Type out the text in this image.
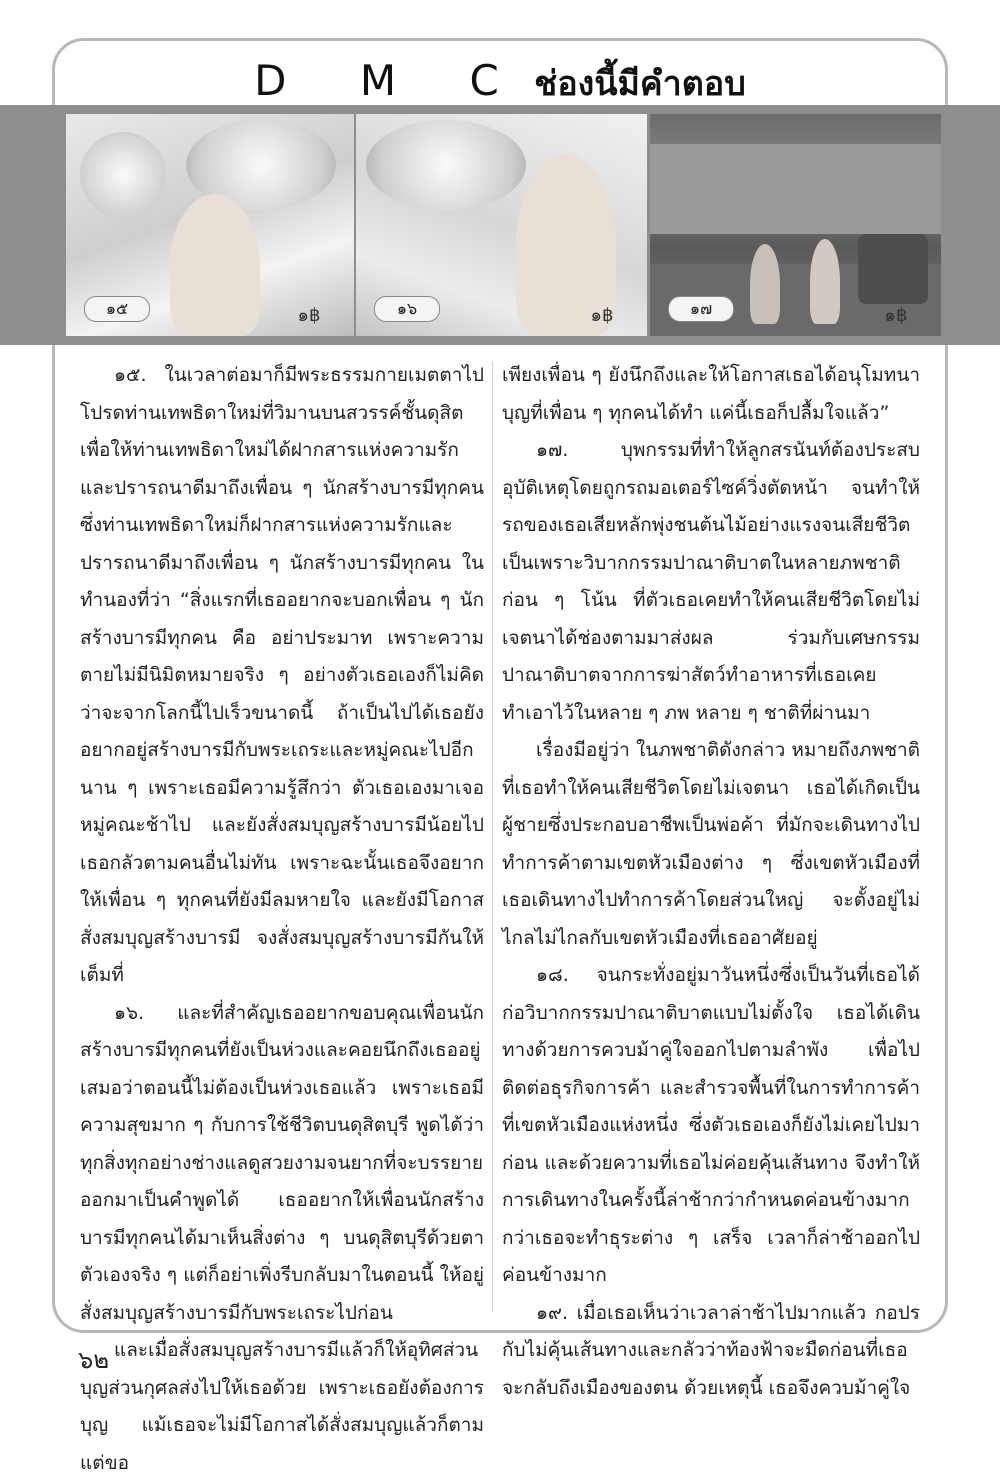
D M C ช่องนี้มีคำตอบ
๑๕	๑฿	๑๖	๑฿	๑๗	๑฿

๑๕. ในเวลาต่อมาก็มีพระธรรมกายเมตตาไปโปรดท่านเทพธิดาใหม่ที่วิมานบนสวรรค์ชั้นดุสิต เพื่อให้ท่านเทพธิดาใหม่ได้ฝากสารแห่งความรักและปรารถนาดีมาถึงเพื่อน ๆ นักสร้างบารมีทุกคน ซึ่งท่านเทพธิดาใหม่ก็ฝากสารแห่งความรักและปรารถนาดีมาถึงเพื่อน ๆ นักสร้างบารมีทุกคน ในทำนองที่ว่า “สิ่งแรกที่เธออยากจะบอกเพื่อน ๆ นักสร้างบารมีทุกคน คือ อย่าประมาท เพราะความตายไม่มีนิมิตหมายจริง ๆ อย่างตัวเธอเองก็ไม่คิดว่าจะจากโลกนี้ไปเร็วขนาดนี้ ถ้าเป็นไปได้เธอยังอยากอยู่สร้างบารมีกับพระเถระและหมู่คณะไปอีกนาน ๆ เพราะเธอมีความรู้สึกว่า ตัวเธอเองมาเจอหมู่คณะช้าไป และยังสั่งสมบุญสร้างบารมีน้อยไป เธอกลัวตามคนอื่นไม่ทัน เพราะฉะนั้นเธอจึงอยากให้เพื่อน ๆ ทุกคนที่ยังมีลมหายใจ และยังมีโอกาสสั่งสมบุญสร้างบารมี จงสั่งสมบุญสร้างบารมีกันให้เต็มที่

๑๖. และที่สำคัญเธออยากขอบคุณเพื่อนนักสร้างบารมีทุกคนที่ยังเป็นห่วงและคอยนึกถึงเธออยู่เสมอว่าตอนนี้ไม่ต้องเป็นห่วงเธอแล้ว เพราะเธอมีความสุขมาก ๆ กับการใช้ชีวิตบนดุสิตบุรี พูดได้ว่า ทุกสิ่งทุกอย่างช่างแลดูสวยงามจนยากที่จะบรรยายออกมาเป็นคำพูดได้ เธออยากให้เพื่อนนักสร้างบารมีทุกคนได้มาเห็นสิ่งต่าง ๆ บนดุสิตบุรีด้วยตาตัวเองจริง ๆ แต่ก็อย่าเพิ่งรีบกลับมาในตอนนี้ ให้อยู่สั่งสมบุญสร้างบารมีกับพระเถระไปก่อน

และเมื่อสั่งสมบุญสร้างบารมีแล้วก็ให้อุทิศส่วนบุญส่วนกุศลส่งไปให้เธอด้วย เพราะเธอยังต้องการบุญ แม้เธอจะไม่มีโอกาสได้สั่งสมบุญแล้วก็ตาม แต่ขอ

เพียงเพื่อน ๆ ยังนึกถึงและให้โอกาสเธอได้อนุโมทนาบุญที่เพื่อน ๆ ทุกคนได้ทำ แค่นี้เธอก็ปลื้มใจแล้ว”

๑๗. บุพกรรมที่ทำให้ลูกสรนันท์ต้องประสบอุบัติเหตุโดยถูกรถมอเตอร์ไซค์วิ่งตัดหน้า จนทำให้รถของเธอเสียหลักพุ่งชนต้นไม้อย่างแรงจนเสียชีวิต เป็นเพราะวิบากกรรมปาณาติบาตในหลายภพชาติก่อน ๆ โน้น ที่ตัวเธอเคยทำให้คนเสียชีวิตโดยไม่เจตนาได้ช่องตามมาส่งผล ร่วมกับเศษกรรมปาณาติบาตจากการฆ่าสัตว์ทำอาหารที่เธอเคยทำเอาไว้ในหลาย ๆ ภพ หลาย ๆ ชาติที่ผ่านมา

เรื่องมีอยู่ว่า ในภพชาติดังกล่าว หมายถึงภพชาติที่เธอทำให้คนเสียชีวิตโดยไม่เจตนา เธอได้เกิดเป็นผู้ชายซึ่งประกอบอาชีพเป็นพ่อค้า ที่มักจะเดินทางไปทำการค้าตามเขตหัวเมืองต่าง ๆ ซึ่งเขตหัวเมืองที่เธอเดินทางไปทำการค้าโดยส่วนใหญ่ จะตั้งอยู่ไม่ไกลไม่ไกลกับเขตหัวเมืองที่เธออาศัยอยู่

๑๘. จนกระทั่งอยู่มาวันหนึ่งซึ่งเป็นวันที่เธอได้ก่อวิบากกรรมปาณาติบาตแบบไม่ตั้งใจ เธอได้เดินทางด้วยการควบม้าคู่ใจออกไปตามลำพัง เพื่อไปติดต่อธุรกิจการค้า และสำรวจพื้นที่ในการทำการค้าที่เขตหัวเมืองแห่งหนึ่ง ซึ่งตัวเธอเองก็ยังไม่เคยไปมาก่อน และด้วยความที่เธอไม่ค่อยคุ้นเส้นทาง จึงทำให้การเดินทางในครั้งนี้ล่าช้ากว่ากำหนดค่อนข้างมาก กว่าเธอจะทำธุระต่าง ๆ เสร็จ เวลาก็ล่าช้าออกไปค่อนข้างมาก

๑๙. เมื่อเธอเห็นว่าเวลาล่าช้าไปมากแล้ว กอปรกับไม่คุ้นเส้นทางและกลัวว่าท้องฟ้าจะมืดก่อนที่เธอจะกลับถึงเมืองของตน ด้วยเหตุนี้ เธอจึงควบม้าคู่ใจ

๖๒
